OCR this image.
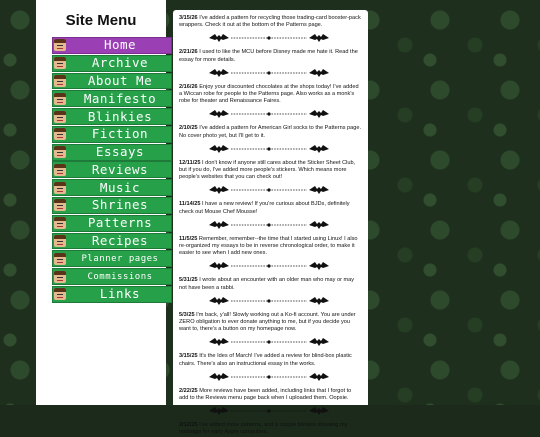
Site Menu
Home
Archive
About Me
Manifesto
Blinkies
Fiction
Essays
Reviews
Music
Shrines
Patterns
Recipes
Planner pages
Commissions
Links
3/15/26 I've added a pattern for recycling those trading-card booster-pack wrappers. Check it out at the bottom of the Patterns page.
2/21/26 I used to like the MCU before Disney made me hate it. Read the essay for more details.
2/16/26 Enjoy your discounted chocolates at the shops today! I've added a Wiccan robe for people to the Patterns page. Also works as a monk's robe for theater and Renaissance Faires.
2/10/25 I've added a pattern for American Girl socks to the Patterns page. No cover photo yet, but I'll get to it.
12/11/25 I don't know if anyone still cares about the Sticker Sheet Club, but if you do, I've added more people's stickers. Which means more people's websites that you can check out!
11/14/25 I have a new review! If you're curious about BJDs, definitely check out Mouse Chef Mousse!
11/5/25 Remember, remember--the time that I started using Linux! I also re-organized my essays to be in reverse chronological order, to make it easier to see when I add new ones.
5/31/25 I wrote about an encounter with an older man who may or may not have been a rabbi.
5/3/25 I'm back, y'all! Slowly working out a Ko-fi account. You are under ZERO obligation to ever donate anything to me, but if you decide you want to, there's a button on my homepage now.
3/15/25 It's the Ides of March! I've added a review for blind-box plastic chairs. There's also an instructional essay in the works.
2/22/25 More reviews have been added, including links that I forgot to add to the Reviews menu page back when I uploaded them. Oopsie.
2/12/25 I've added more patterns, and a couple blinkies showing my nostalgia for early Apple computers.
